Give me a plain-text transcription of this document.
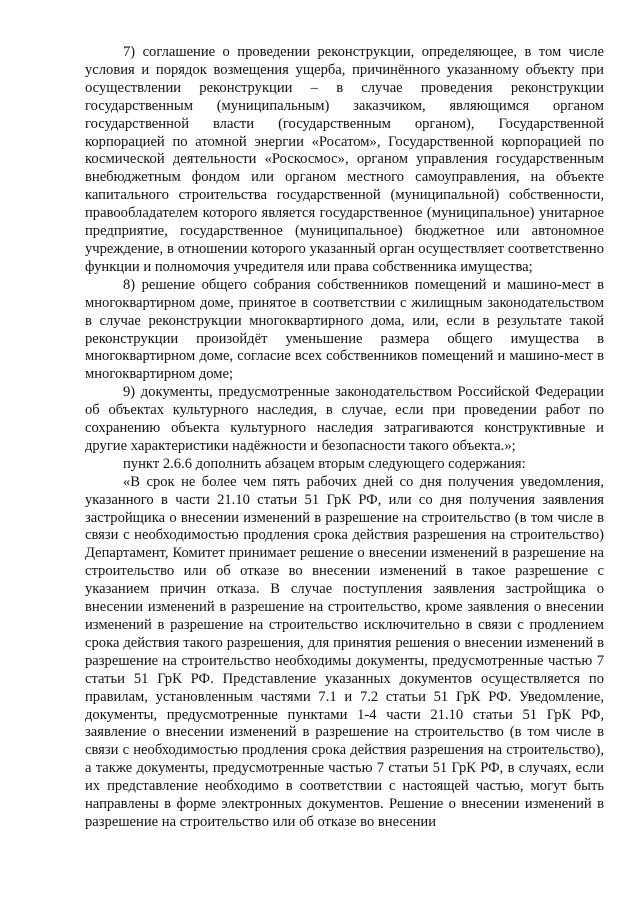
7) соглашение о проведении реконструкции, определяющее, в том числе условия и порядок возмещения ущерба, причинённого указанному объекту при осуществлении реконструкции – в случае проведения реконструкции государственным (муниципальным) заказчиком, являющимся органом государственной власти (государственным органом), Государственной корпорацией по атомной энергии «Росатом», Государственной корпорацией по космической деятельности «Роскосмос», органом управления государственным внебюджетным фондом или органом местного самоуправления, на объекте капитального строительства государственной (муниципальной) собственности, правообладателем которого является государственное (муниципальное) унитарное предприятие, государственное (муниципальное) бюджетное или автономное учреждение, в отношении которого указанный орган осуществляет соответственно функции и полномочия учредителя или права собственника имущества;

8) решение общего собрания собственников помещений и машино-мест в многоквартирном доме, принятое в соответствии с жилищным законодательством в случае реконструкции многоквартирного дома, или, если в результате такой реконструкции произойдёт уменьшение размера общего имущества в многоквартирном доме, согласие всех собственников помещений и машино-мест в многоквартирном доме;

9) документы, предусмотренные законодательством Российской Федерации об объектах культурного наследия, в случае, если при проведении работ по сохранению объекта культурного наследия затрагиваются конструктивные и другие характеристики надёжности и безопасности такого объекта.»;

пункт 2.6.6 дополнить абзацем вторым следующего содержания:

«В срок не более чем пять рабочих дней со дня получения уведомления, указанного в части 21.10 статьи 51 ГрК РФ, или со дня получения заявления застройщика о внесении изменений в разрешение на строительство (в том числе в связи с необходимостью продления срока действия разрешения на строительство) Департамент, Комитет принимает решение о внесении изменений в разрешение на строительство или об отказе во внесении изменений в такое разрешение с указанием причин отказа. В случае поступления заявления застройщика о внесении изменений в разрешение на строительство, кроме заявления о внесении изменений в разрешение на строительство исключительно в связи с продлением срока действия такого разрешения, для принятия решения о внесении изменений в разрешение на строительство необходимы документы, предусмотренные частью 7 статьи 51 ГрК РФ. Представление указанных документов осуществляется по правилам, установленным частями 7.1 и 7.2 статьи 51 ГрК РФ. Уведомление, документы, предусмотренные пунктами 1-4 части 21.10 статьи 51 ГрК РФ, заявление о внесении изменений в разрешение на строительство (в том числе в связи с необходимостью продления срока действия разрешения на строительство), а также документы, предусмотренные частью 7 статьи 51 ГрК РФ, в случаях, если их представление необходимо в соответствии с настоящей частью, могут быть направлены в форме электронных документов. Решение о внесении изменений в разрешение на строительство или об отказе во внесении
